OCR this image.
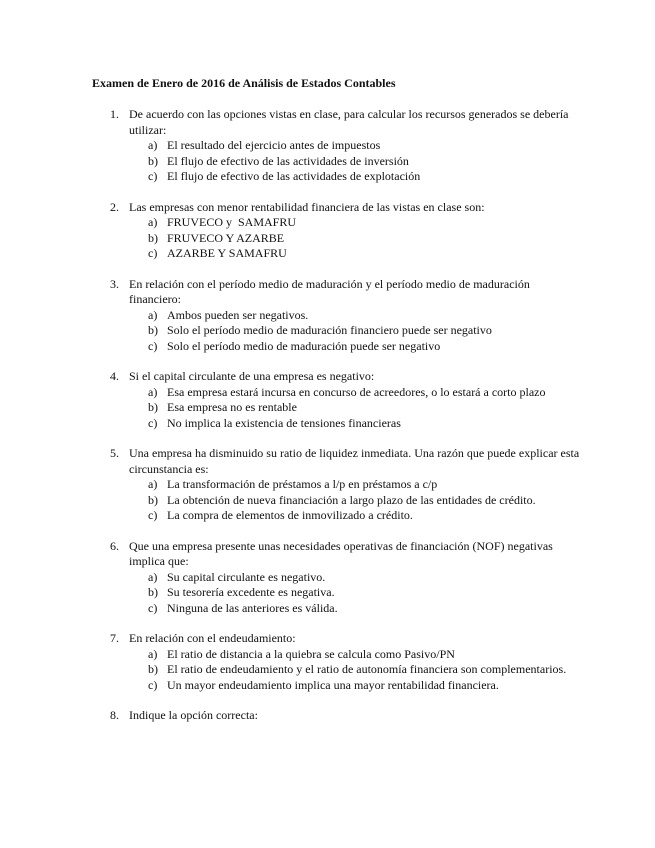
Examen de Enero de 2016 de Análisis de Estados Contables
1. De acuerdo con las opciones vistas en clase, para calcular los recursos generados se debería utilizar:
a) El resultado del ejercicio antes de impuestos
b) El flujo de efectivo de las actividades de inversión
c) El flujo de efectivo de las actividades de explotación
2. Las empresas con menor rentabilidad financiera de las vistas en clase son:
a) FRUVECO y  SAMAFRU
b) FRUVECO Y AZARBE
c) AZARBE Y SAMAFRU
3. En relación con el período medio de maduración y el período medio de maduración financiero:
a) Ambos pueden ser negativos.
b) Solo el período medio de maduración financiero puede ser negativo
c) Solo el período medio de maduración puede ser negativo
4. Si el capital circulante de una empresa es negativo:
a) Esa empresa estará incursa en concurso de acreedores, o lo estará a corto plazo
b) Esa empresa no es rentable
c) No implica la existencia de tensiones financieras
5. Una empresa ha disminuido su ratio de liquidez inmediata. Una razón que puede explicar esta circunstancia es:
a) La transformación de préstamos a l/p en préstamos a c/p
b) La obtención de nueva financiación a largo plazo de las entidades de crédito.
c) La compra de elementos de inmovilizado a crédito.
6. Que una empresa presente unas necesidades operativas de financiación (NOF) negativas implica que:
a) Su capital circulante es negativo.
b) Su tesorería excedente es negativa.
c) Ninguna de las anteriores es válida.
7. En relación con el endeudamiento:
a) El ratio de distancia a la quiebra se calcula como Pasivo/PN
b) El ratio de endeudamiento y el ratio de autonomía financiera son complementarios.
c) Un mayor endeudamiento implica una mayor rentabilidad financiera.
8. Indique la opción correcta:
